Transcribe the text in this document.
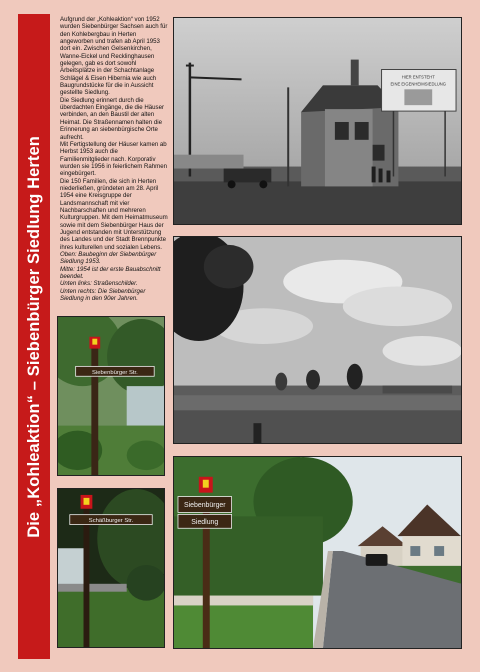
Die „Kohleaktion“ – Siebenbürger Siedlung Herten

Aufgrund der „Kohleaktion“ von 1952 wurden Siebenbürger Sachsen auch für den Kohlebergbau in Herten angeworben und trafen ab April 1953 dort ein. Zwischen Gelsenkirchen, Wanne-Eickel und Recklinghausen gelegen, gab es dort sowohl Arbeitsplätze in der Schachtanlage Schlägel & Eisen Hibernia wie auch Baugrundstücke für die in Aussicht gestellte Siedlung.

Die Siedlung erinnert durch die überdachten Eingänge, die die Häuser verbinden, an den Baustil der alten Heimat. Die Straßennamen halten die Erinnerung an siebenbürgische Orte aufrecht.

Mit Fertigstellung der Häuser kamen ab Herbst 1953 auch die Familienmitglieder nach. Korporativ wurden sie 1956 in feierlichem Rahmen eingebürgert.

Die 150 Familien, die sich in Herten niederließen, gründeten am 28. April 1954 eine Kreisgruppe der Landsmannschaft mit vier Nachbarschaften und mehreren Kulturgruppen. Mit dem Heimatmuseum sowie mit dem Siebenbürger Haus der Jugend entstanden mit Unterstützung des Landes und der Stadt Brennpunkte ihres kulturellen und sozialen Lebens.

Oben: Baubeginn der Siebenbürger Siedlung 1953.

Mitte: 1954 ist der erste Bauabschnitt beendet.

Unten links: Straßenschilder.

Unten rechts: Die Siebenbürger Siedlung in den 90er Jahren.

HIER ENTSTEHT
EINE EIGENHEIMSIEDLUNG
Siebenbürger Str.
Schäßburger Str.
Siebenbürger
Siedlung
